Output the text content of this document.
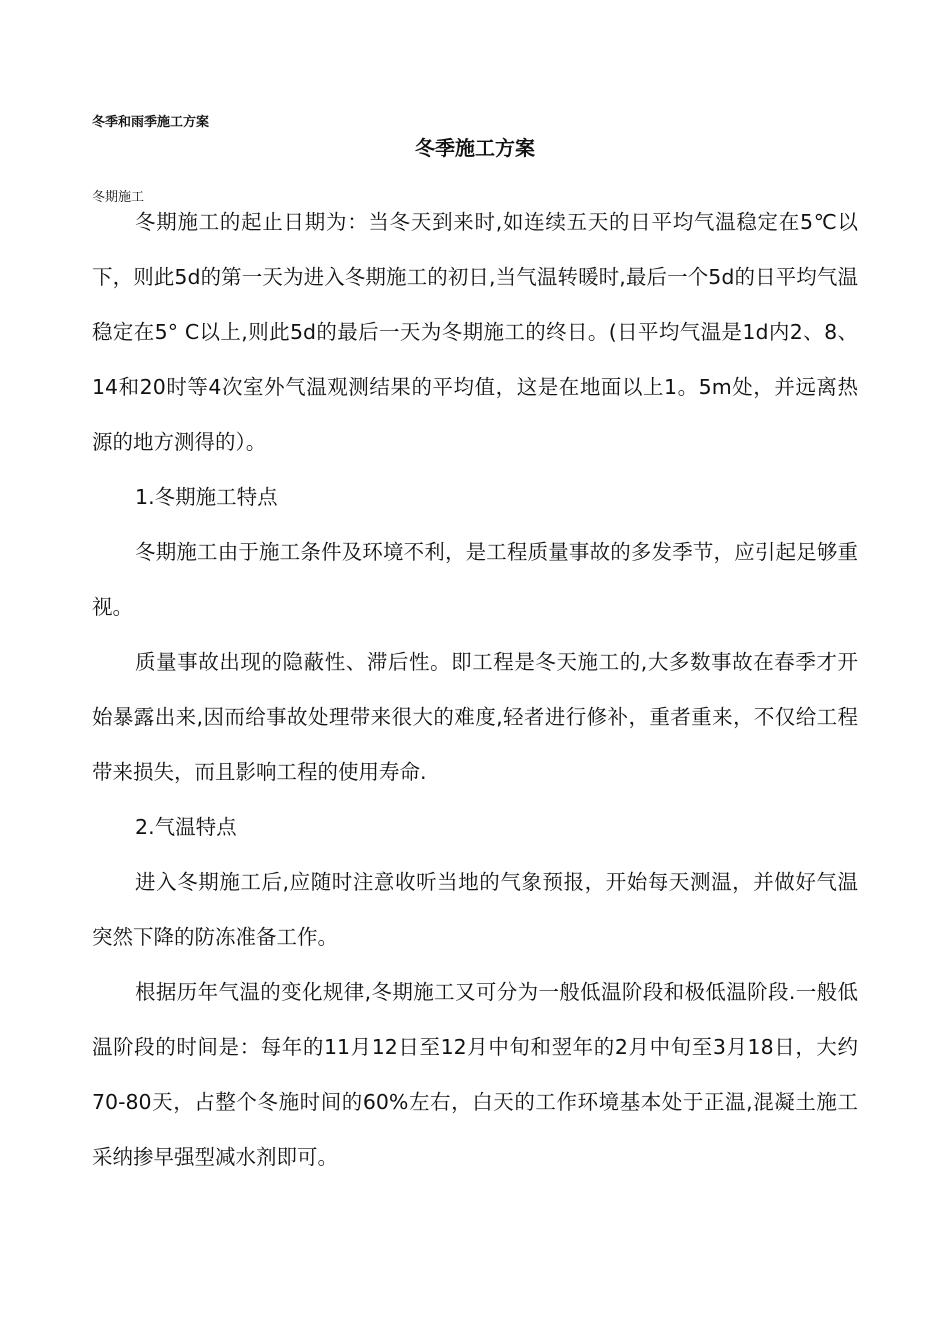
冬季和雨季施工方案
冬季施工方案
冬期施工

冬期施工的起止日期为：当冬天到来时,如连续五天的日平均气温稳定在5℃以下，则此5d的第一天为进入冬期施工的初日,当气温转暖时,最后一个5d的日平均气温稳定在5° C以上,则此5d的最后一天为冬期施工的终日。(日平均气温是1d内2、8、14和20时等4次室外气温观测结果的平均值，这是在地面以上1。5m处，并远离热源的地方测得的）。

1.冬期施工特点

冬期施工由于施工条件及环境不利，是工程质量事故的多发季节，应引起足够重视。

质量事故出现的隐蔽性、滞后性。即工程是冬天施工的,大多数事故在春季才开始暴露出来,因而给事故处理带来很大的难度,轻者进行修补，重者重来，不仅给工程带来损失，而且影响工程的使用寿命.

2.气温特点

进入冬期施工后,应随时注意收听当地的气象预报，开始每天测温，并做好气温突然下降的防冻准备工作。

根据历年气温的变化规律,冬期施工又可分为一般低温阶段和极低温阶段.一般低温阶段的时间是：每年的11月12日至12月中旬和翌年的2月中旬至3月18日，大约70-80天，占整个冬施时间的60%左右，白天的工作环境基本处于正温,混凝土施工采纳掺早强型减水剂即可。
